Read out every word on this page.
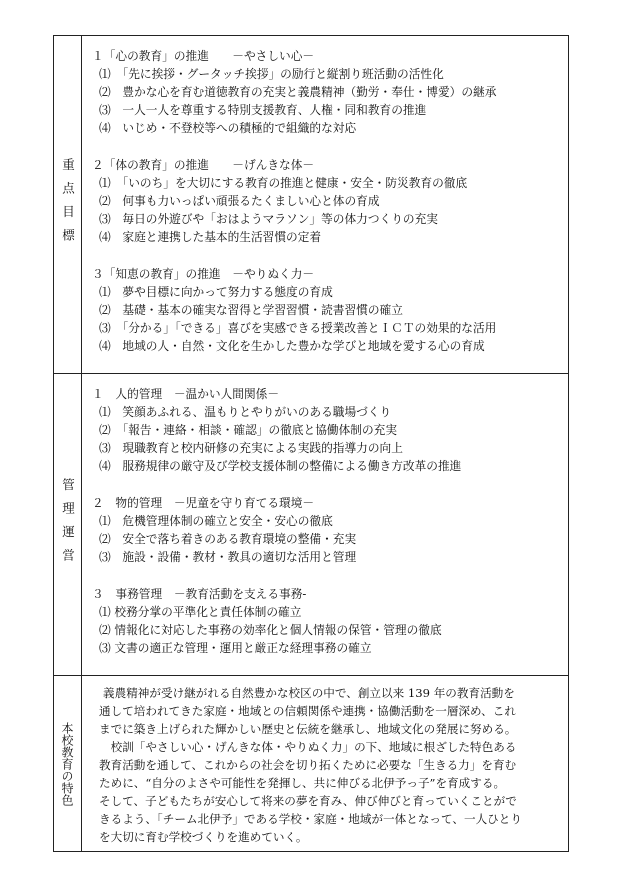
重点目標
１「心の教育」の推進　　－やさしい心－
⑴　「先に挨拶・グータッチ挨拶」の励行と縦割り班活動の活性化
⑵　豊かな心を育む道徳教育の充実と義農精神（勤労・奉仕・博愛）の継承
⑶　一人一人を尊重する特別支援教育、人権・同和教育の推進
⑷　いじめ・不登校等への積極的で組織的な対応
２「体の教育」の推進　　－げんきな体－
⑴　「いのち」を大切にする教育の推進と健康・安全・防災教育の徹底
⑵　何事も力いっぱい頑張るたくましい心と体の育成
⑶　毎日の外遊びや「おはようマラソン」等の体力つくりの充実
⑷　家庭と連携した基本的生活習慣の定着
３「知恵の教育」の推進　－やりぬく力－
⑴　夢や目標に向かって努力する態度の育成
⑵　基礎・基本の確実な習得と学習習慣・読書習慣の確立
⑶　「分かる」「できる」喜びを実感できる授業改善とＩＣＴの効果的な活用
⑷　地域の人・自然・文化を生かした豊かな学びと地域を愛する心の育成
管理運営
１　人的管理　－温かい人間関係－
⑴　笑顔あふれる、温もりとやりがいのある職場づくり
⑵　「報告・連絡・相談・確認」の徹底と協働体制の充実
⑶　現職教育と校内研修の充実による実践的指導力の向上
⑷　服務規律の厳守及び学校支援体制の整備による働き方改革の推進
２　物的管理　－児童を守り育てる環境－
⑴　危機管理体制の確立と安全・安心の徹底
⑵　安全で落ち着きのある教育環境の整備・充実
⑶　施設・設備・教材・教具の適切な活用と管理
３　事務管理　－教育活動を支える事務-
⑴ 校務分掌の平準化と責任体制の確立
⑵ 情報化に対応した事務の効率化と個人情報の保管・管理の徹底
⑶ 文書の適正な管理・運用と厳正な経理事務の確立
本校教育の特色
義農精神が受け継がれる自然豊かな校区の中で、創立以来 139 年の教育活動を
通して培われてきた家庭・地域との信頼関係や連携・協働活動を一層深め、これ
までに築き上げられた輝かしい歴史と伝統を継承し、地域文化の発展に努める。
　校訓「やさしい心・げんきな体・やりぬく力」の下、地域に根ざした特色ある
教育活動を通して、これからの社会を切り拓くために必要な「生きる力」を育む
ために、“自分のよさや可能性を発揮し、共に伸びる北伊予っ子”を育成する。
そして、子どもたちが安心して将来の夢を育み、伸び伸びと育っていくことがで
きるよう、「チーム北伊予」である学校・家庭・地域が一体となって、一人ひとり
を大切に育む学校づくりを進めていく。
